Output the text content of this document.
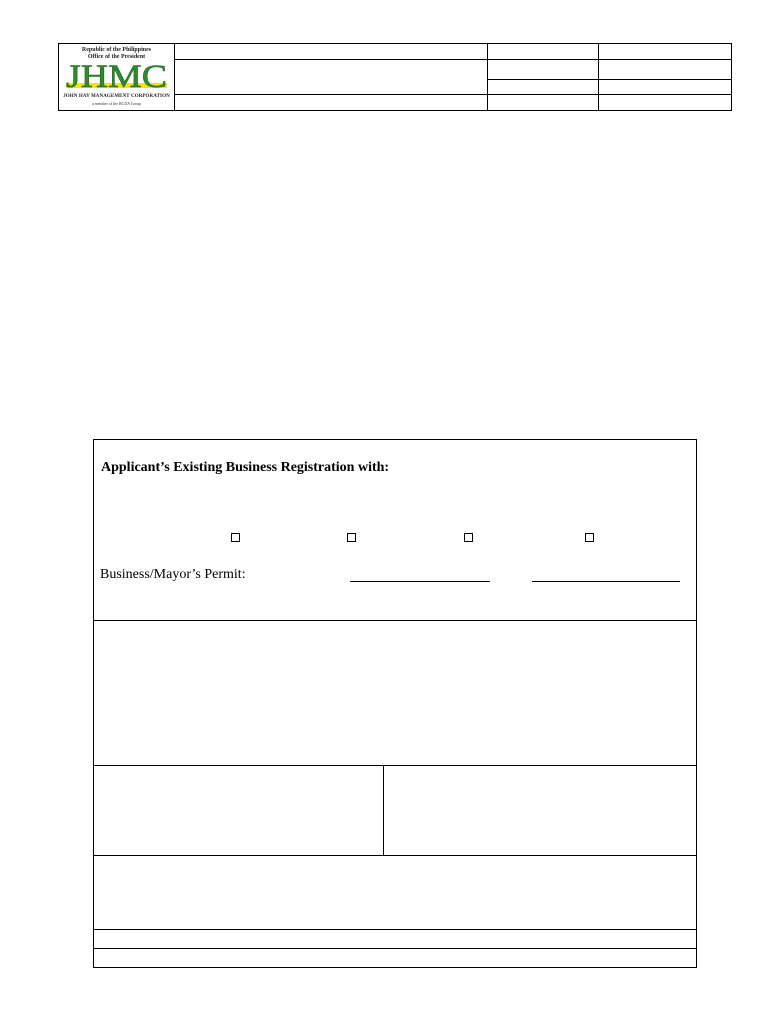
Republic of the Philippines
Office of the President
JHMC
JOHN HAY MANAGEMENT CORPORATION
a member of the BCDA Group
Applicant’s Existing Business Registration with:
Business/Mayor’s Permit:
